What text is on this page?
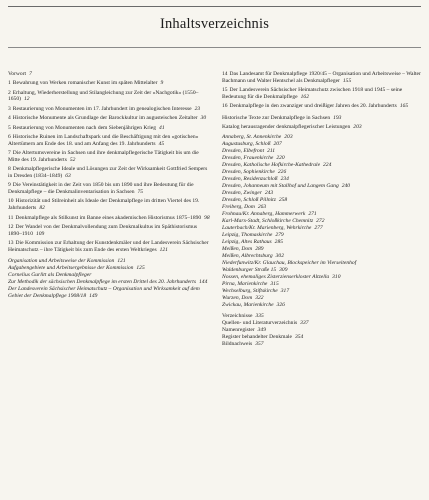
Inhaltsverzeichnis
Vorwort 7
1 Bewahrung von Werken romanischer Kunst im späten Mittelalter 9
2 Erhaltung, Wiederherstellung und Stilangleichung zur Zeit der «Nachgotik» (1550–1650) 12
3 Restaurierung von Monumenten im 17. Jahrhundert im genealogischen Interesse 23
4 Historische Monumente als Grundlage der Barockkultur im augusteischen Zeitalter 30
5 Restaurierung von Monumenten nach dem Siebenjährigen Krieg 41
6 Historische Ruinen im Landschaftspark und die Beschäftigung mit den «gotischen» Altertümern am Ende des 18. und am Anfang des 19. Jahrhunderts 45
7 Die Altertumsvereine in Sachsen und ihre denkmalpflegerische Tätigkeit bis um die Mitte des 19. Jahrhunderts 52
8 Denkmalpflegerische Ideale und Lösungen zur Zeit der Wirksamkeit Gottfried Sempers in Dresden (1834–1849) 63
9 Die Vereinstätigkeit in der Zeit von 1850 bis um 1890 und ihre Bedeutung für die Denkmalpflege – die Denkmalinventarisation in Sachsen 75
10 Historizität und Stilreinheit als Ideale der Denkmalpflege im dritten Viertel des 19. Jahrhunderts 82
11 Denkmalpflege als Stilkunst im Banne eines akademischen Historismus 1875–1890 98
12 Der Wandel von der Denkmalvollendung zum Denkmalkultus im Späthistorismus 1890–1910 109
13 Die Kommission zur Erhaltung der Kunstdenkmäler und der Landesverein Sächsischer Heimatschutz – ihre Tätigkeit bis zum Ende des ersten Weltkrieges 121
Organisation und Arbeitsweise der Kommission 121
Aufgabengebiete und Arbeitsergebnisse der Kommission 125
Cornelius Gurlitt als Denkmalpfleger
Zur Methodik der sächsischen Denkmalpflege im ersten Drittel des 20. Jahrhunderts 144
Der Landesverein Sächsischer Heimatschutz – Organisation und Wirksamkeit auf dem Gebiet der Denkmalpflege 1908/18 149
14 Das Landesamt für Denkmalpflege 1920/45 – Organisation und Arbeitsweise – Walter Bachmann und Walter Hentschel als Denkmalpfleger 155
15 Der Landesverein Sächsischer Heimatschutz zwischen 1918 und 1945 – seine Bedeutung für die Denkmalpflege 162
16 Denkmalpflege in den zwanziger und dreißiger Jahren des 20. Jahrhunderts 165
Historische Texte zur Denkmalpflege in Sachsen 193
Katalog herausragender denkmalpflegerischer Leistungen 203
Annaberg, St. Annenkirche 203
Augustusburg, Schloß 207
Dresden, Elbefront 211
Dresden, Frauenkirche 220
Dresden, Katholische Hofkirche-Kathedrale 224
Dresden, Sophienkirche 226
Dresden, Residenzschloß 234
Dresden, Johanneum mit Stallhof und Langem Gang 240
Dresden, Zwinger 243
Dresden, Schloß Pillnitz 258
Freiberg, Dom 263
Frohnau/Kr. Annaberg, Hammerwerk 271
Karl-Marx-Stadt, Schloßkirche Chemnitz 272
Lauterbach/Kr. Marienberg, Wehrkirche 277
Leipzig, Thomaskirche 279
Leipzig, Altes Rathaus 285
Meißen, Dom 289
Meißen, Albrechtsburg 302
Niederfunwitz/Kr. Glauchau, Blockspeicher im Vierseitenhof
Waldenburger Straße 15 309
Nossen, ehemaliges Zisterzienserkloster Altzella 310
Pirna, Marienkirche 315
Wechselburg, Stiftskirche 317
Wurzen, Dom 322
Zwickau, Marienkirche 326
Verzeichnisse 335
Quellen- und Literaturverzeichnis 337
Namenregister 349
Register behandelter Denkmale 354
Bildnachweis 357
